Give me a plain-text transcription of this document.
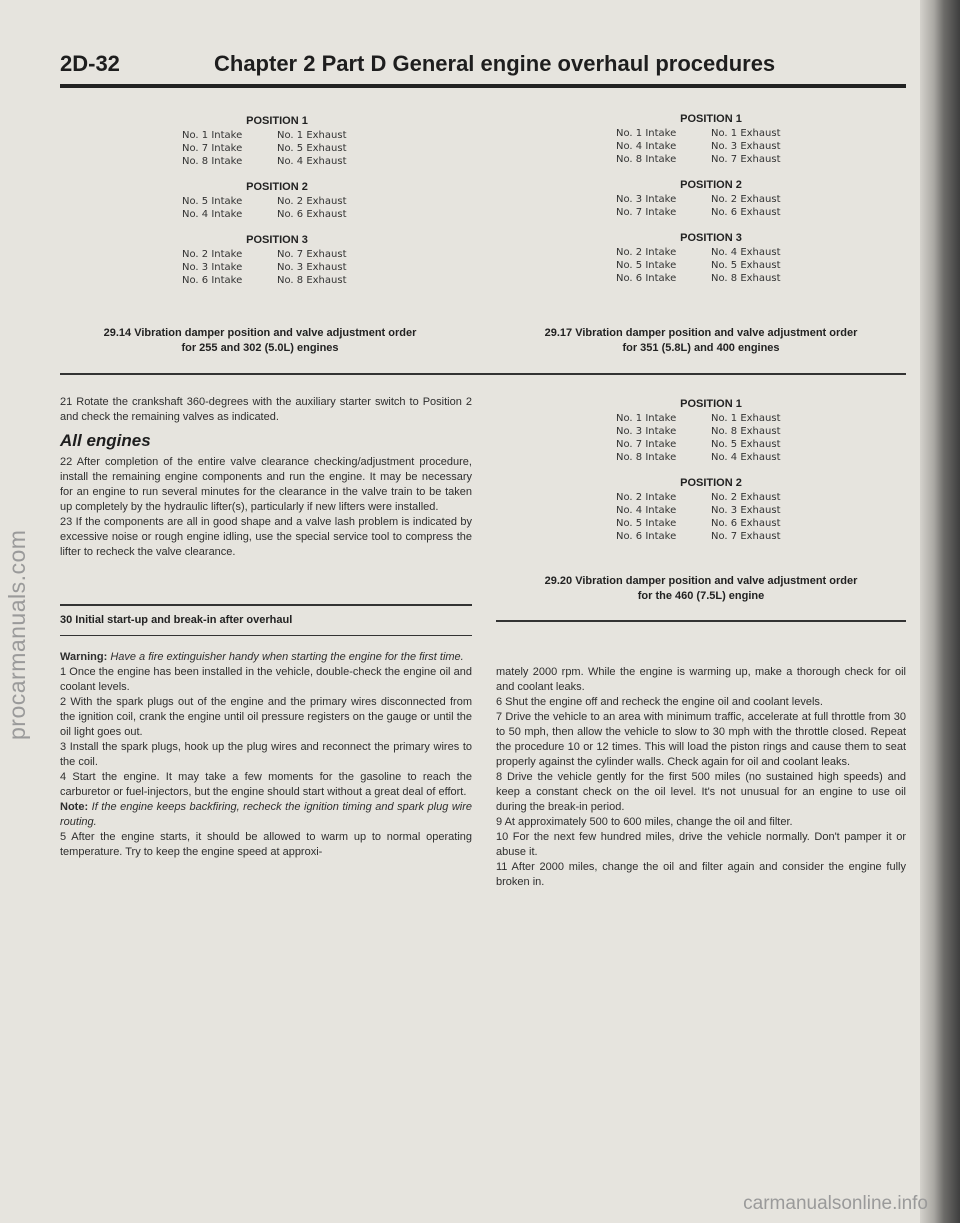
procarmanuals.com
carmanualsonline.info
2D-32	Chapter 2 Part D General engine overhaul procedures
POSITION 1
No. 1 Intake	No. 1 Exhaust
No. 7 Intake	No. 5 Exhaust
No. 8 Intake	No. 4 Exhaust
POSITION 2
No. 5 Intake	No. 2 Exhaust
No. 4 Intake	No. 6 Exhaust
POSITION 3
No. 2 Intake	No. 7 Exhaust
No. 3 Intake	No. 3 Exhaust
No. 6 Intake	No. 8 Exhaust
29.14 Vibration damper position and valve adjustment order
for 255 and 302 (5.0L) engines
POSITION 1
No. 1 Intake	No. 1 Exhaust
No. 4 Intake	No. 3 Exhaust
No. 8 Intake	No. 7 Exhaust
POSITION 2
No. 3 Intake	No. 2 Exhaust
No. 7 Intake	No. 6 Exhaust
POSITION 3
No. 2 Intake	No. 4 Exhaust
No. 5 Intake	No. 5 Exhaust
No. 6 Intake	No. 8 Exhaust
29.17 Vibration damper position and valve adjustment order
for 351 (5.8L) and 400 engines
POSITION 1
No. 1 Intake	No. 1 Exhaust
No. 3 Intake	No. 8 Exhaust
No. 7 Intake	No. 5 Exhaust
No. 8 Intake	No. 4 Exhaust
POSITION 2
No. 2 Intake	No. 2 Exhaust
No. 4 Intake	No. 3 Exhaust
No. 5 Intake	No. 6 Exhaust
No. 6 Intake	No. 7 Exhaust
29.20 Vibration damper position and valve adjustment order
for the 460 (7.5L) engine

21 Rotate the crankshaft 360-degrees with the auxiliary starter switch to Position 2 and check the remaining valves as indicated.

All engines

22 After completion of the entire valve clearance checking/adjustment procedure, install the remaining engine components and run the engine. It may be necessary for an engine to run several minutes for the clearance in the valve train to be taken up completely by the hydraulic lifter(s), particularly if new lifters were installed.

23 If the components are all in good shape and a valve lash problem is indicated by excessive noise or rough engine idling, use the special service tool to compress the lifter to recheck the valve clearance.

30 Initial start-up and break-in after overhaul

Warning: Have a fire extinguisher handy when starting the engine for the first time.

1 Once the engine has been installed in the vehicle, double-check the engine oil and coolant levels.

2 With the spark plugs out of the engine and the primary wires disconnected from the ignition coil, crank the engine until oil pressure registers on the gauge or until the oil light goes out.

3 Install the spark plugs, hook up the plug wires and reconnect the primary wires to the coil.

4 Start the engine. It may take a few moments for the gasoline to reach the carburetor or fuel-injectors, but the engine should start without a great deal of effort.

Note: If the engine keeps backfiring, recheck the ignition timing and spark plug wire routing.

5 After the engine starts, it should be allowed to warm up to normal operating temperature. Try to keep the engine speed at approxi-

mately 2000 rpm. While the engine is warming up, make a thorough check for oil and coolant leaks.

6 Shut the engine off and recheck the engine oil and coolant levels.

7 Drive the vehicle to an area with minimum traffic, accelerate at full throttle from 30 to 50 mph, then allow the vehicle to slow to 30 mph with the throttle closed. Repeat the procedure 10 or 12 times. This will load the piston rings and cause them to seat properly against the cylinder walls. Check again for oil and coolant leaks.

8 Drive the vehicle gently for the first 500 miles (no sustained high speeds) and keep a constant check on the oil level. It's not unusual for an engine to use oil during the break-in period.

9 At approximately 500 to 600 miles, change the oil and filter.

10 For the next few hundred miles, drive the vehicle normally. Don't pamper it or abuse it.

11 After 2000 miles, change the oil and filter again and consider the engine fully broken in.
